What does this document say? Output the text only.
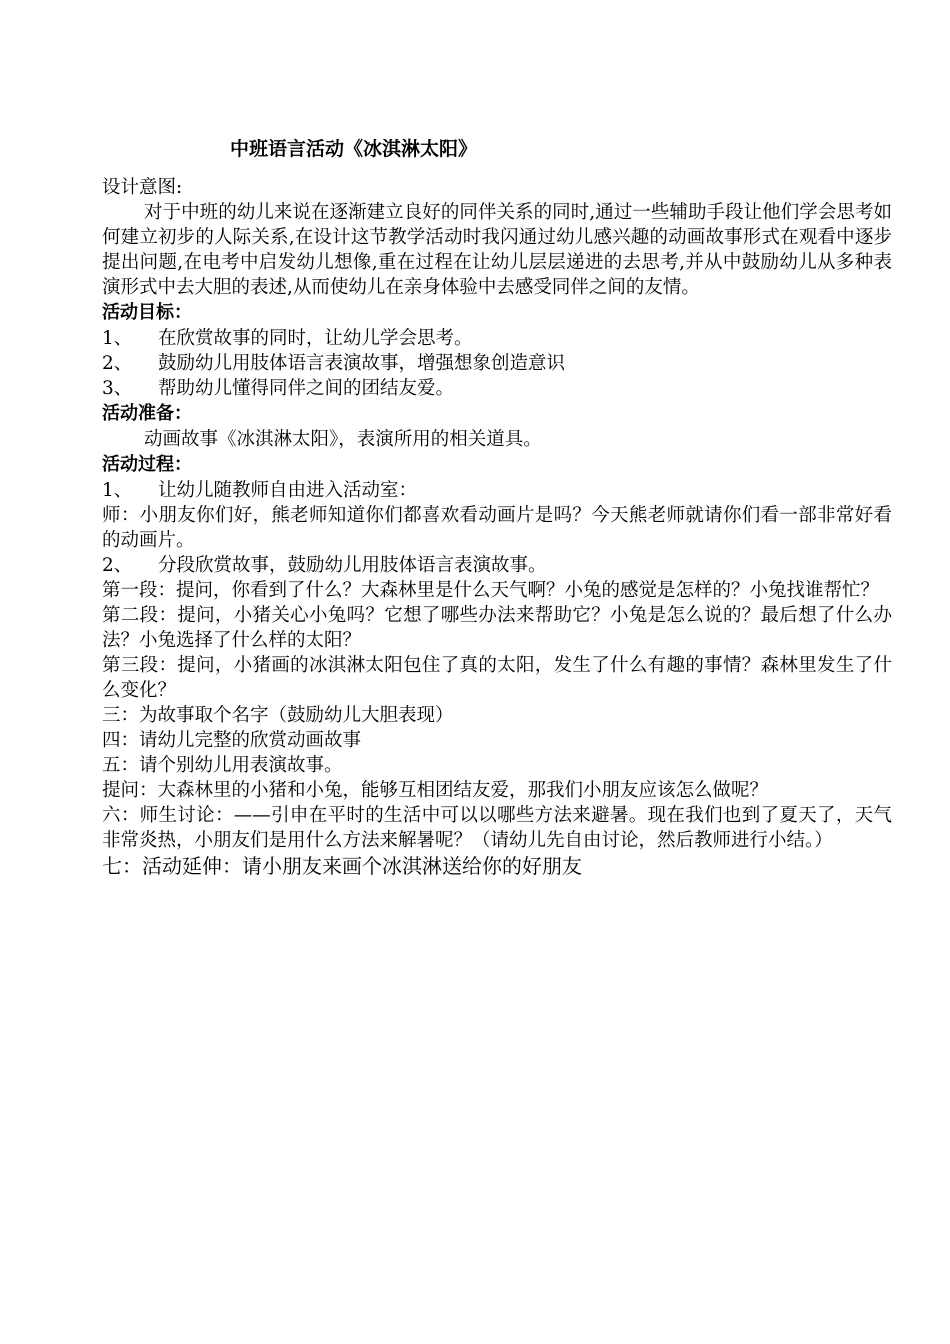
中班语言活动《冰淇淋太阳》
设计意图:
对于中班的幼儿来说在逐渐建立良好的同伴关系的同时,通过一些辅助手段让他们学会思考如何建立初步的人际关系,在设计这节教学活动时我闪通过幼儿感兴趣的动画故事形式在观看中逐步提出问题,在电考中启发幼儿想像,重在过程在让幼儿层层递进的去思考,并从中鼓励幼儿从多种表演形式中去大胆的表述,从而使幼儿在亲身体验中去感受同伴之间的友情。
活动目标：
1、	在欣赏故事的同时，让幼儿学会思考。
2、	鼓励幼儿用肢体语言表演故事，增强想象创造意识
3、	帮助幼儿懂得同伴之间的团结友爱。
活动准备：
动画故事《冰淇淋太阳》，表演所用的相关道具。
活动过程：
1、	让幼儿随教师自由进入活动室：
师：小朋友你们好，熊老师知道你们都喜欢看动画片是吗？今天熊老师就请你们看一部非常好看的动画片。
2、	分段欣赏故事，鼓励幼儿用肢体语言表演故事。
第一段：提问，你看到了什么？大森林里是什么天气啊？小兔的感觉是怎样的？小兔找谁帮忙？
第二段：提问，小猪关心小兔吗？它想了哪些办法来帮助它？小兔是怎么说的？最后想了什么办法？小兔选择了什么样的太阳？
第三段：提问，小猪画的冰淇淋太阳包住了真的太阳，发生了什么有趣的事情？森林里发生了什么变化？
三：为故事取个名字（鼓励幼儿大胆表现）
四：请幼儿完整的欣赏动画故事
五：请个别幼儿用表演故事。
提问：大森林里的小猪和小兔，能够互相团结友爱，那我们小朋友应该怎么做呢？
六：师生讨论：——引申在平时的生活中可以以哪些方法来避暑。现在我们也到了夏天了，天气非常炎热，小朋友们是用什么方法来解暑呢？（请幼儿先自由讨论，然后教师进行小结。）
七：活动延伸：请小朋友来画个冰淇淋送给你的好朋友
